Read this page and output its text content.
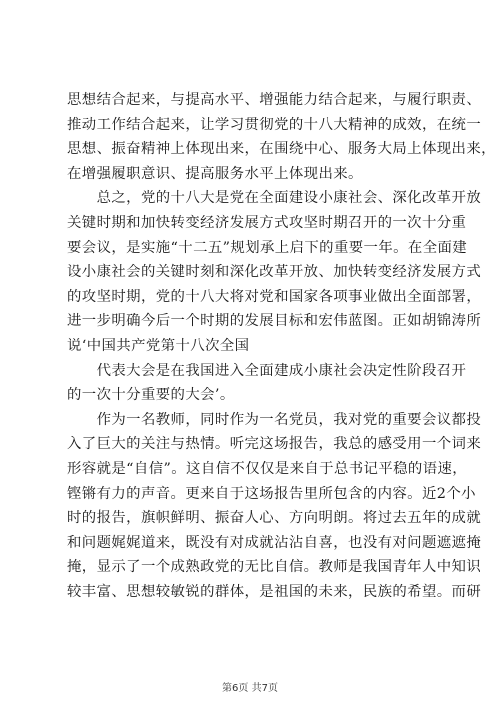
思想结合起来，与提高水平、增强能力结合起来，与履行职责、
推动工作结合起来，让学习贯彻党的十八大精神的成效，在统一
思想、振奋精神上体现出来，在围绕中心、服务大局上体现出来，
在增强履职意识、提高服务水平上体现出来。
　　总之，党的十八大是党在全面建设小康社会、深化改革开放
关键时期和加快转变经济发展方式攻坚时期召开的一次十分重
要会议，是实施“十二五”规划承上启下的重要一年。在全面建
设小康社会的关键时刻和深化改革开放、加快转变经济发展方式
的攻坚时期，党的十八大将对党和国家各项事业做出全面部署，
进一步明确今后一个时期的发展目标和宏伟蓝图。正如胡锦涛所
说‘中国共产党第十八次全国
　　代表大会是在我国进入全面建成小康社会决定性阶段召开
的一次十分重要的大会’。
　　作为一名教师，同时作为一名党员，我对党的重要会议都投
入了巨大的关注与热情。听完这场报告，我总的感受用一个词来
形容就是“自信”。这自信不仅仅是来自于总书记平稳的语速，
铿锵有力的声音。更来自于这场报告里所包含的内容。近2个小
时的报告，旗帜鲜明、振奋人心、方向明朗。将过去五年的成就
和问题娓娓道来，既没有对成就沾沾自喜，也没有对问题遮遮掩
掩，显示了一个成熟政党的无比自信。教师是我国青年人中知识
较丰富、思想较敏锐的群体，是祖国的未来，民族的希望。而研
第6页 共7页
